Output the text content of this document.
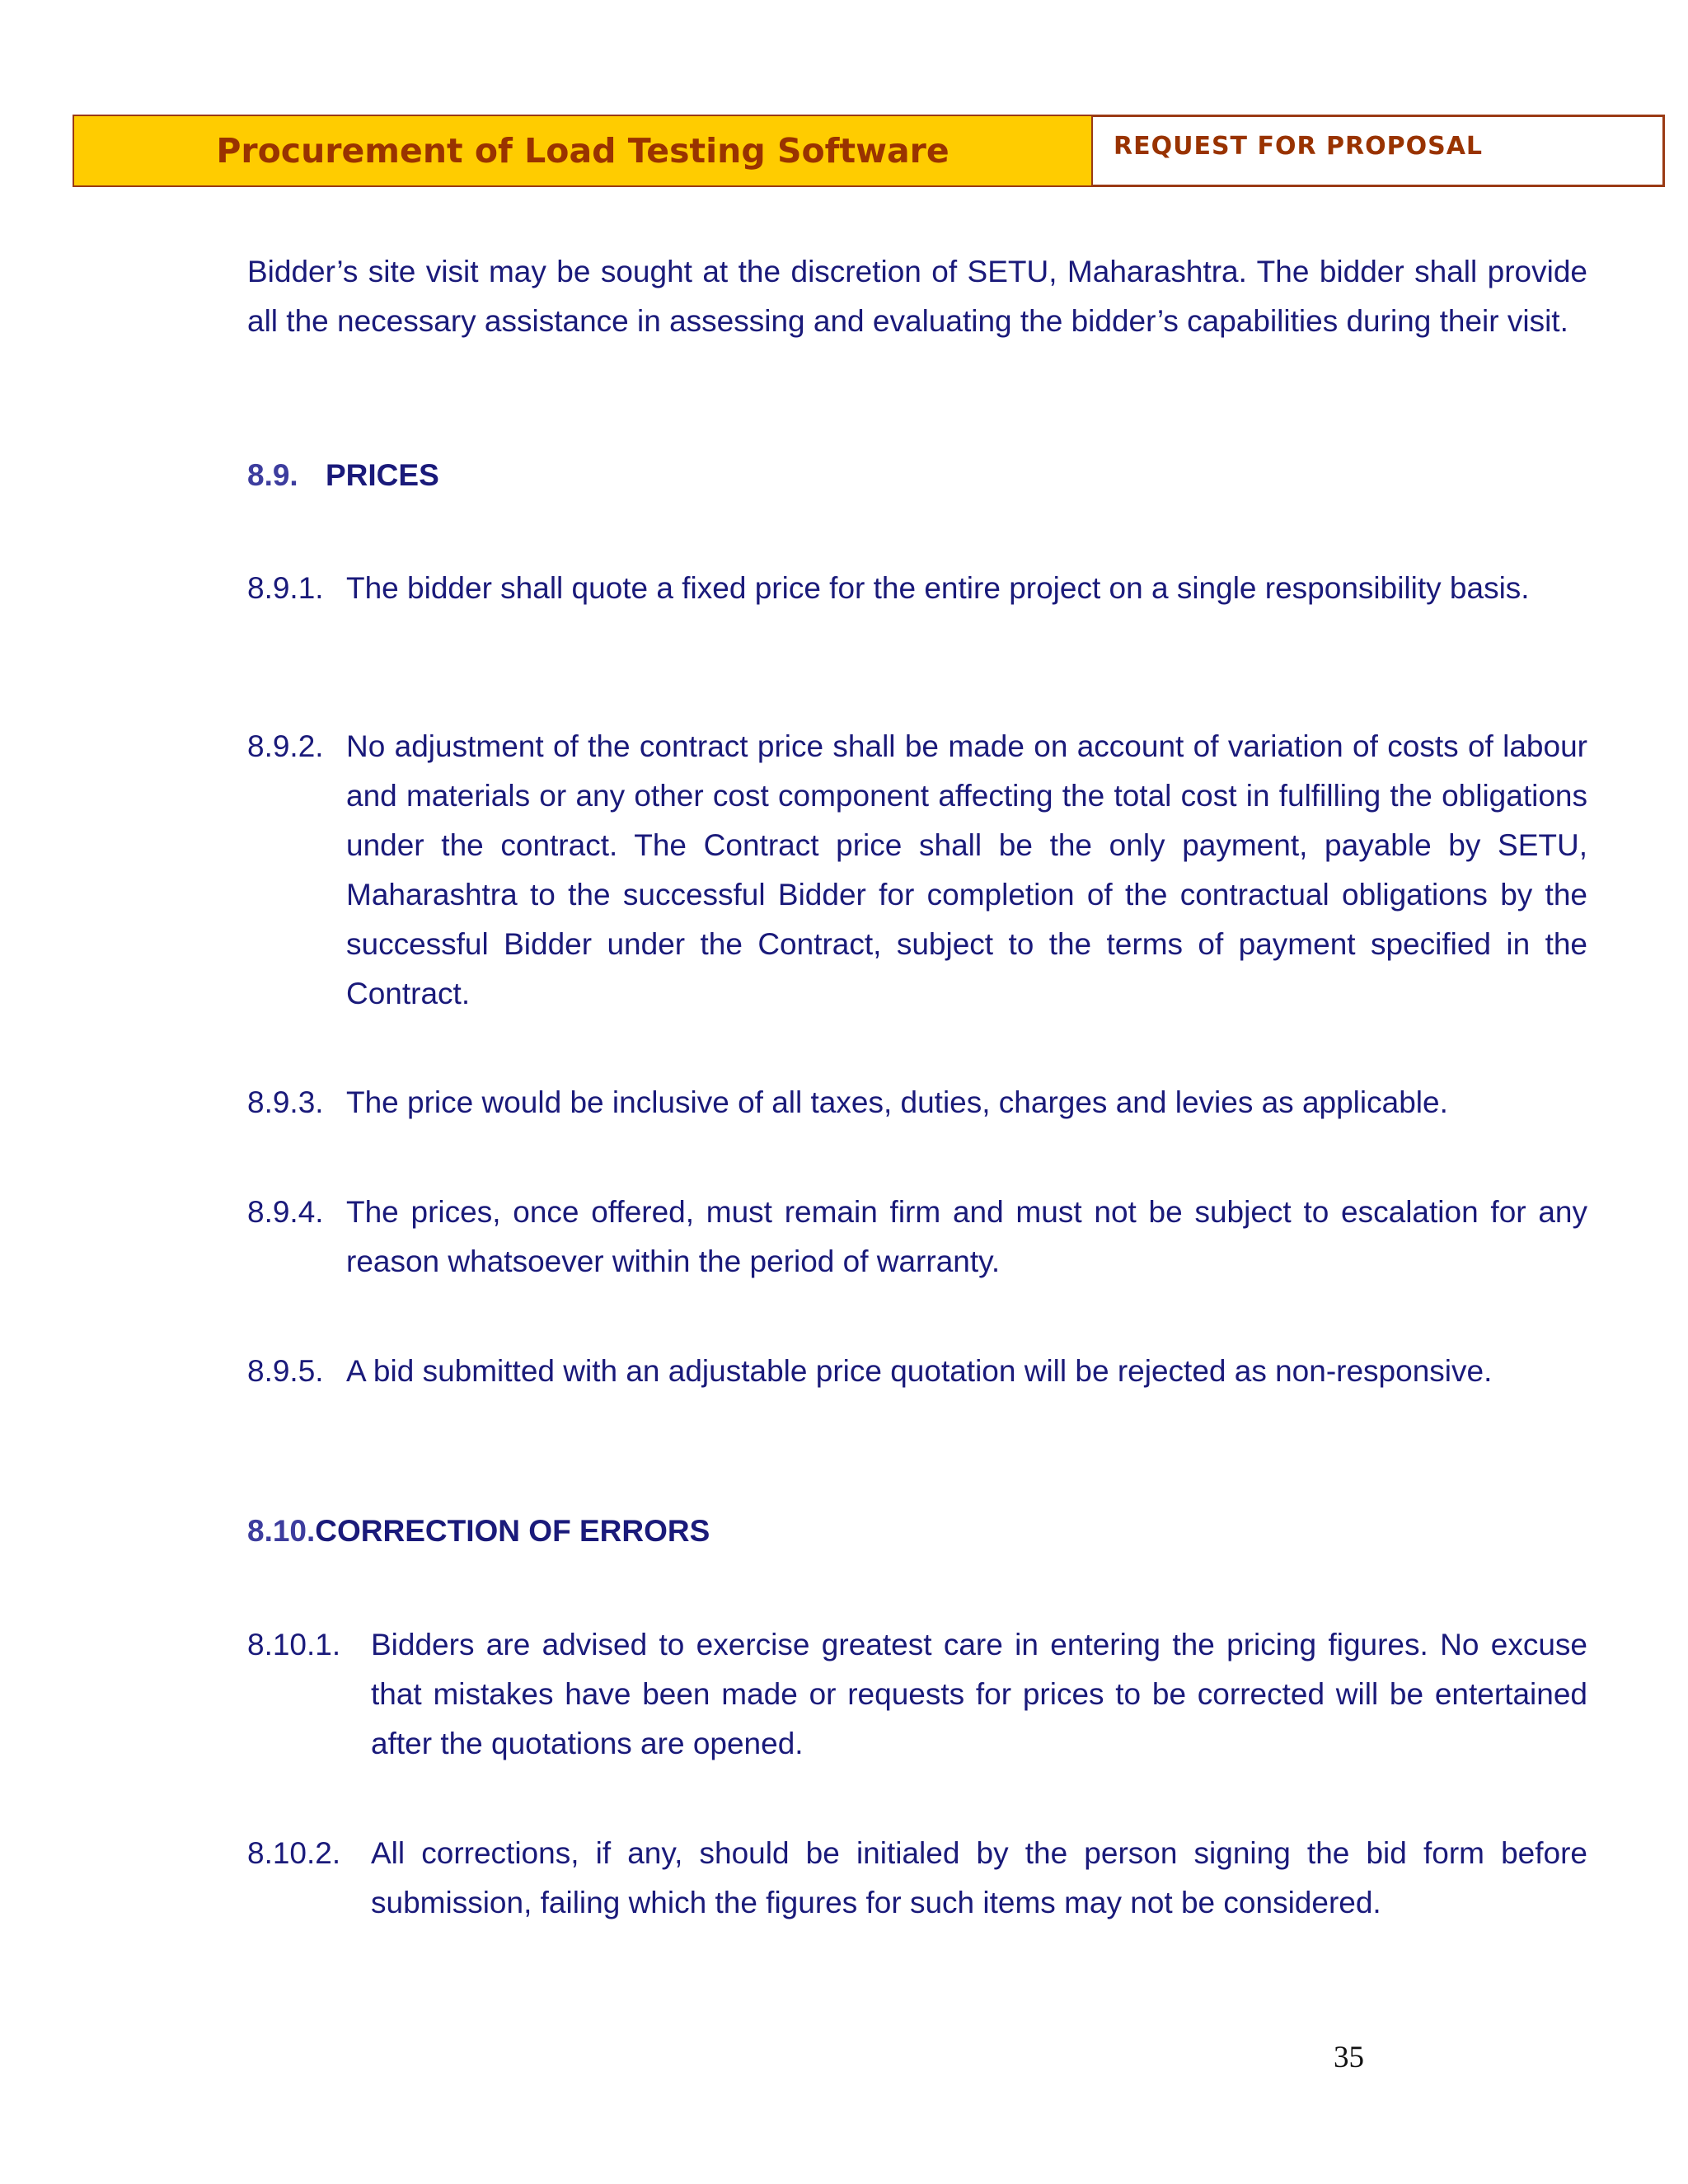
Procurement of Load Testing Software	REQUEST FOR PROPOSAL

Bidder’s site visit may be sought at the discretion of SETU, Maharashtra. The bidder shall provide all the necessary assistance in assessing and evaluating the bidder’s capabilities during their visit.

8.9. PRICES
8.9.1. The bidder shall quote a fixed price for the entire project on a single responsibility basis.

8.9.2. No adjustment of the contract price shall be made on account of variation of costs of labour and materials or any other cost component affecting the total cost in fulfilling the obligations under the contract. The Contract price shall be the only payment, payable by SETU, Maharashtra to the successful Bidder for completion of the contractual obligations by the successful Bidder under the Contract, subject to the terms of payment specified in the Contract.

8.9.3. The price would be inclusive of all taxes, duties, charges and levies as applicable.

8.9.4. The prices, once offered, must remain firm and must not be subject to escalation for any reason whatsoever within the period of warranty.

8.9.5. A bid submitted with an adjustable price quotation will be rejected as non-responsive.

8.10.CORRECTION OF ERRORS
8.10.1. Bidders are advised to exercise greatest care in entering the pricing figures. No excuse that mistakes have been made or requests for prices to be corrected will be entertained after the quotations are opened.

8.10.2. All corrections, if any, should be initialed by the person signing the bid form before submission, failing which the figures for such items may not be considered.

35
